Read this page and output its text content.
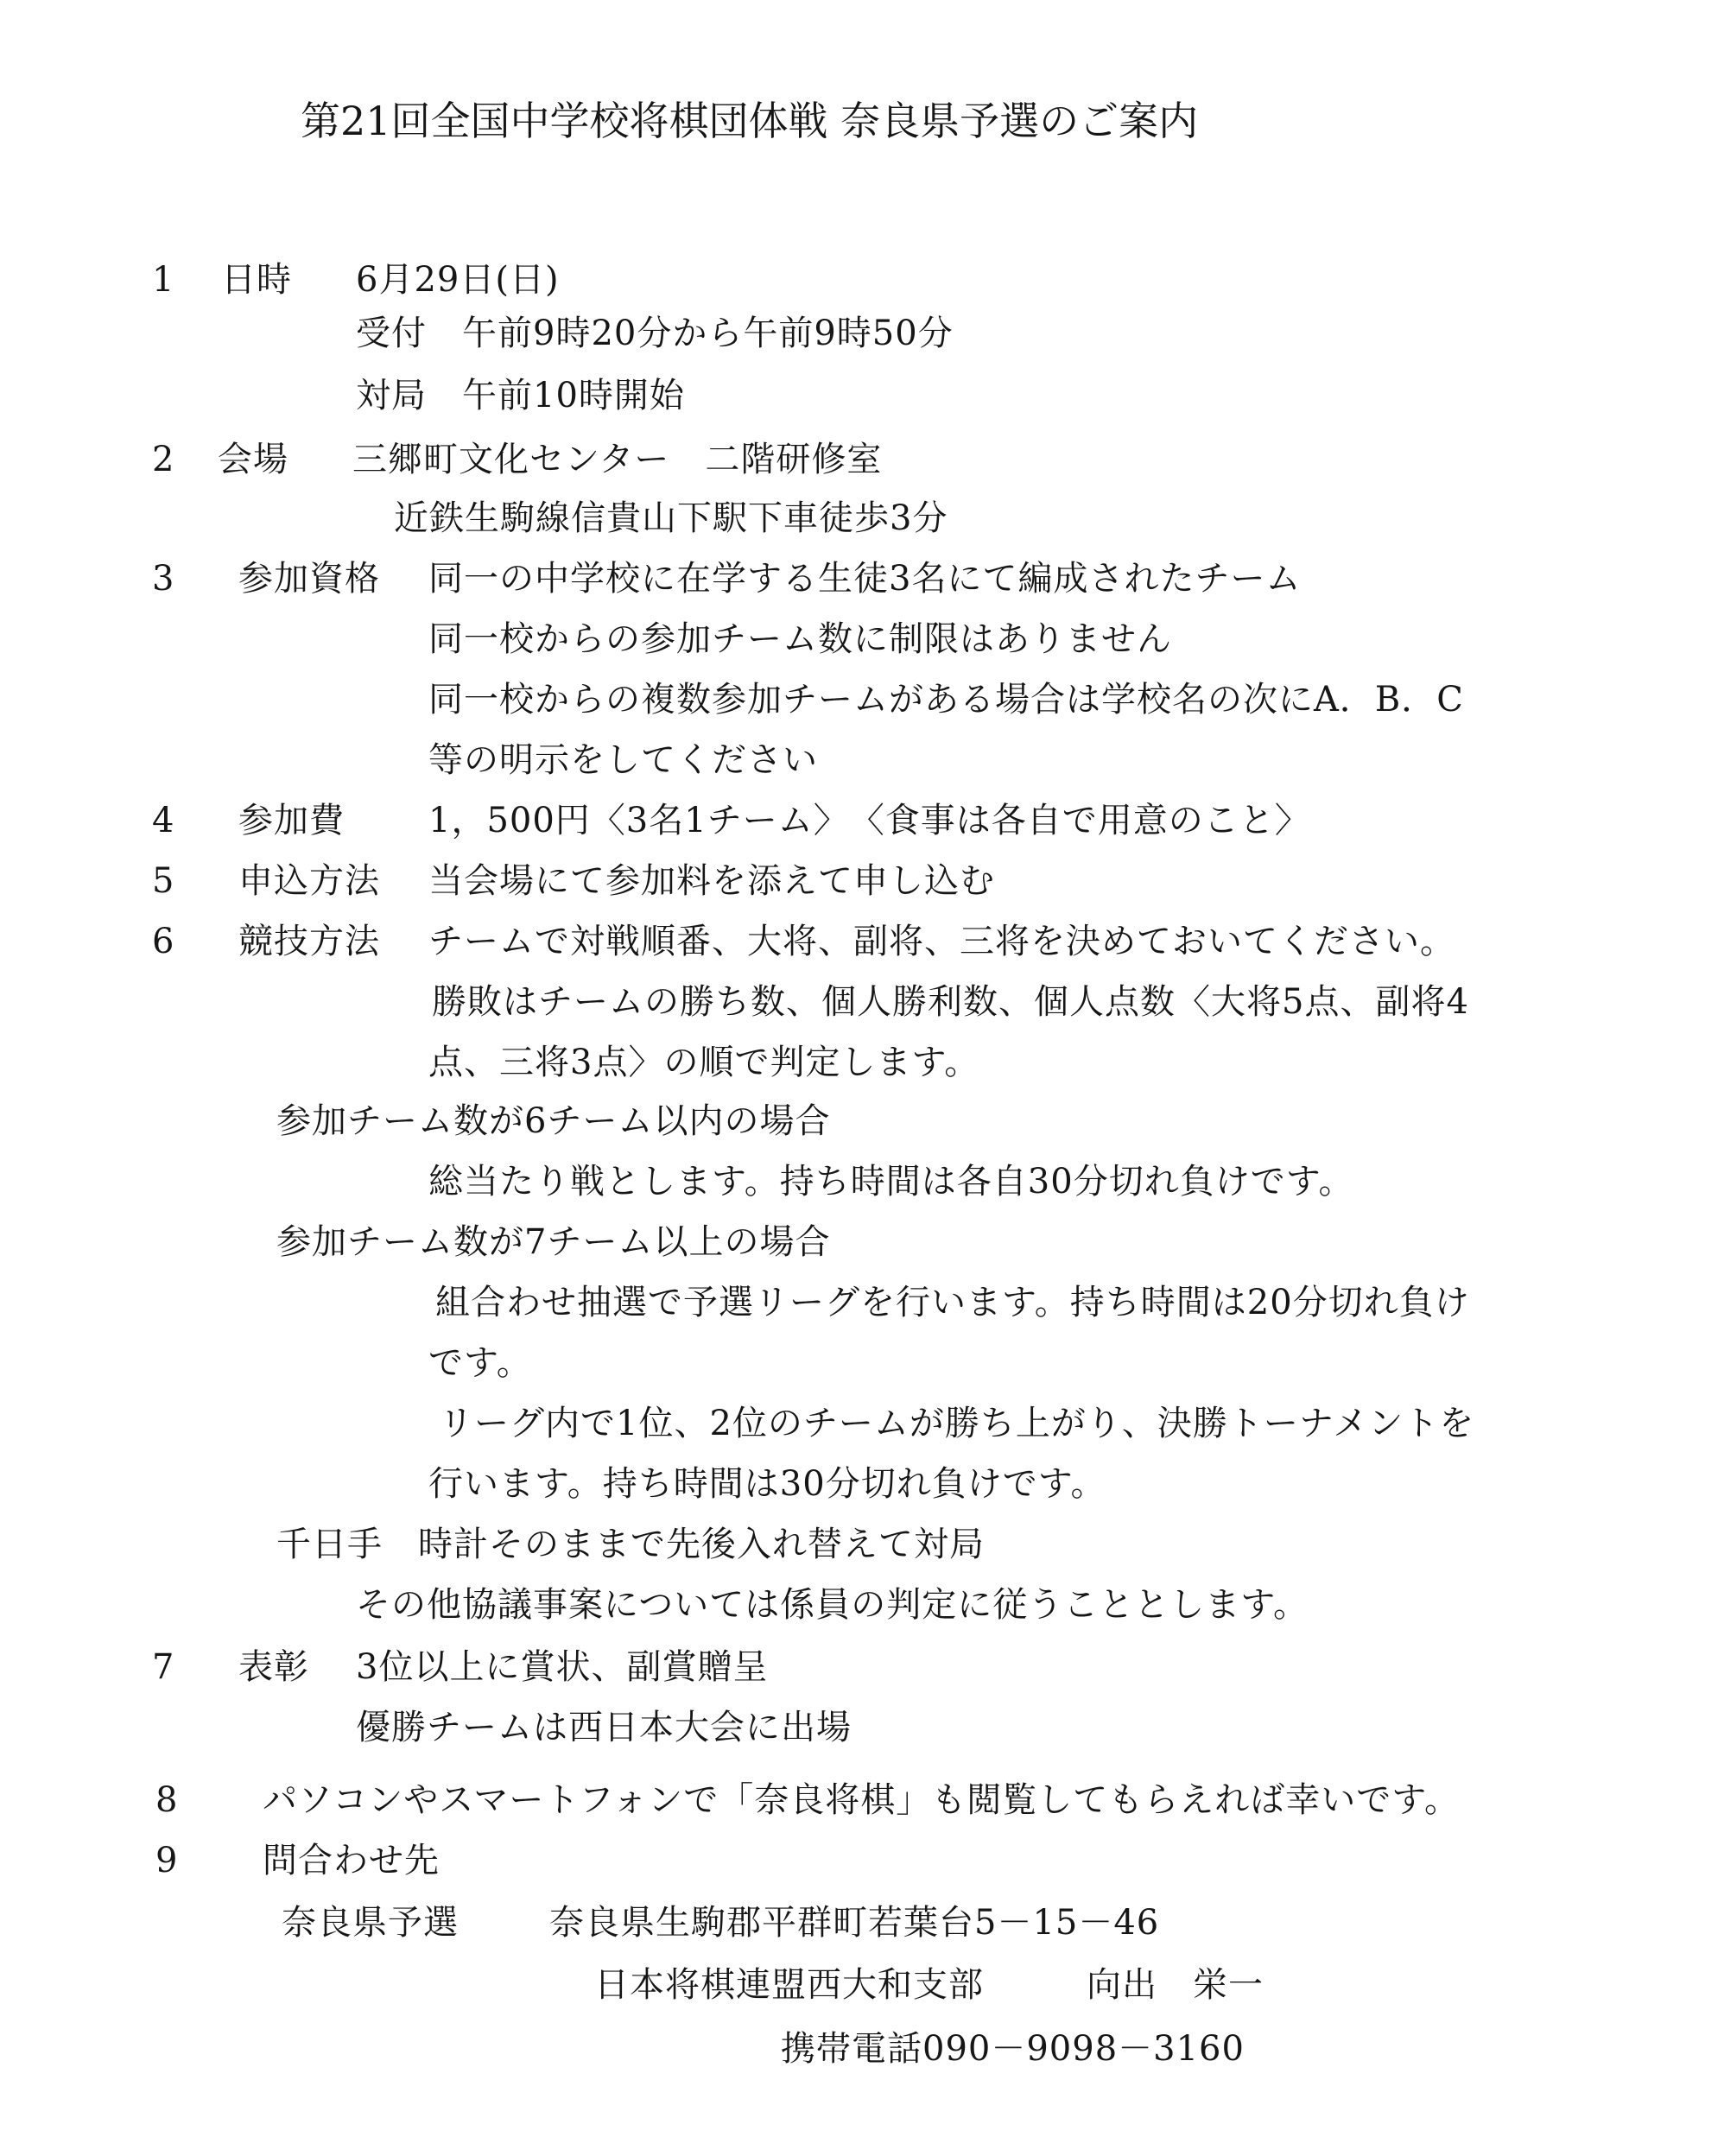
第21回全国中学校将棋団体戦 奈良県予選のご案内
1 日時 6月29日(日)
受付　午前9時20分から午前9時50分
対局　午前10時開始
2 会場 三郷町文化センター　二階研修室
近鉄生駒線信貴山下駅下車徒歩3分
3 参加資格 同一の中学校に在学する生徒3名にて編成されたチーム
同一校からの参加チーム数に制限はありません
同一校からの複数参加チームがある場合は学校名の次にA．B．C
等の明示をしてください
4 参加費 1，500円〈3名1チーム〉　〈食事は各自で用意のこと〉
5 申込方法 当会場にて参加料を添えて申し込む
6 競技方法 チームで対戦順番、大将、副将、三将を決めておいてください。
勝敗はチームの勝ち数、個人勝利数、個人点数〈大将5点、副将4
点、三将3点〉の順で判定します。
参加チーム数が6チーム以内の場合
総当たり戦とします。持ち時間は各自30分切れ負けです。
参加チーム数が7チーム以上の場合
組合わせ抽選で予選リーグを行います。持ち時間は20分切れ負け
です。
リーグ内で1位、2位のチームが勝ち上がり、決勝トーナメントを
行います。持ち時間は30分切れ負けです。
千日手　時計そのままで先後入れ替えて対局
その他協議事案については係員の判定に従うこととします。
7 表彰 3位以上に賞状、副賞贈呈
優勝チームは西日本大会に出場
8 パソコンやスマートフォンで「奈良将棋」も閲覧してもらえれば幸いです。
9 問合わせ先
奈良県予選	奈良県生駒郡平群町若葉台5－15－46
日本将棋連盟西大和支部	向出　栄一
携帯電話090－9098－3160
